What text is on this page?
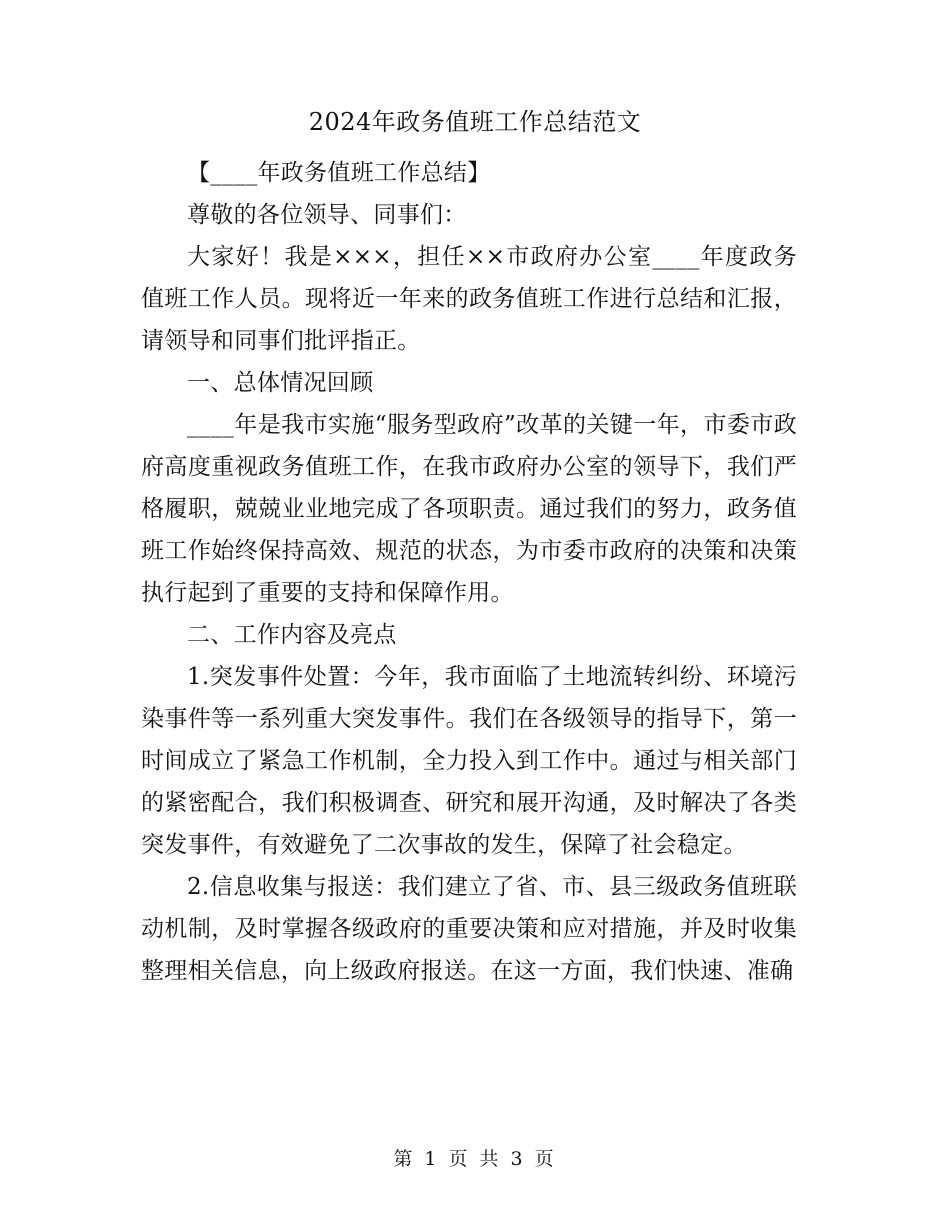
2024年政务值班工作总结范文

【____年政务值班工作总结】

尊敬的各位领导、同事们：

大家好！我是×××，担任××市政府办公室____年度政务值班工作人员。现将近一年来的政务值班工作进行总结和汇报，请领导和同事们批评指正。

一、总体情况回顾

____年是我市实施“服务型政府”改革的关键一年，市委市政府高度重视政务值班工作，在我市政府办公室的领导下，我们严格履职，兢兢业业地完成了各项职责。通过我们的努力，政务值班工作始终保持高效、规范的状态，为市委市政府的决策和决策执行起到了重要的支持和保障作用。

二、工作内容及亮点

1.突发事件处置：今年，我市面临了土地流转纠纷、环境污染事件等一系列重大突发事件。我们在各级领导的指导下，第一时间成立了紧急工作机制，全力投入到工作中。通过与相关部门的紧密配合，我们积极调查、研究和展开沟通，及时解决了各类突发事件，有效避免了二次事故的发生，保障了社会稳定。

2.信息收集与报送：我们建立了省、市、县三级政务值班联动机制，及时掌握各级政府的重要决策和应对措施，并及时收集整理相关信息，向上级政府报送。在这一方面，我们快速、准确

第 1 页 共 3 页
